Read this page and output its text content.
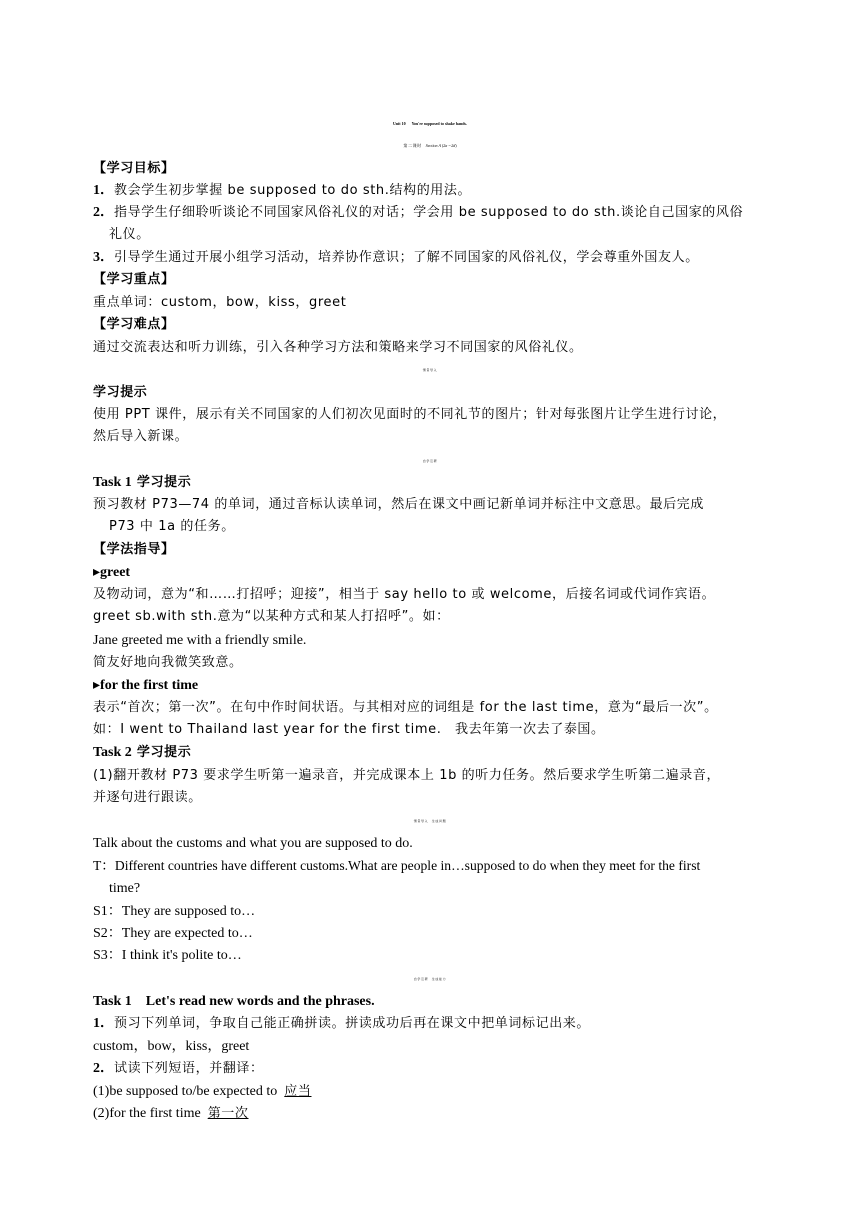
Unit 10 You're supposed to shake hands.
第二课时 Section A (2a～2d)
【学习目标】
1．教会学生初步掌握 be supposed to do sth.结构的用法。
2．指导学生仔细聆听谈论不同国家风俗礼仪的对话；学会用 be supposed to do sth.谈论自己国家的风俗
礼仪。
3．引导学生通过开展小组学习活动，培养协作意识；了解不同国家的风俗礼仪，学会尊重外国友人。
【学习重点】
重点单词：custom，bow，kiss，greet
【学习难点】
通过交流表达和听力训练，引入各种学习方法和策略来学习不同国家的风俗礼仪。
情景导入
学习提示
使用 PPT 课件，展示有关不同国家的人们初次见面时的不同礼节的图片；针对每张图片让学生进行讨论，
然后导入新课。
自学互研
Task 1 学习提示
预习教材 P73—74 的单词，通过音标认读单词，然后在课文中画记新单词并标注中文意思。最后完成
P73 中 1a 的任务。
【学法指导】
▸greet
及物动词，意为“和……打招呼；迎接”，相当于 say hello to 或 welcome，后接名词或代词作宾语。
greet sb.with sth.意为“以某种方式和某人打招呼”。如：
Jane greeted me with a friendly smile.
简友好地向我微笑致意。
▸for the first time
表示“首次；第一次”。在句中作时间状语。与其相对应的词组是 for the last time，意为“最后一次”。
如：I went to Thailand last year for the first time.　我去年第一次去了泰国。
Task 2 学习提示
(1)翻开教材 P73 要求学生听第一遍录音，并完成课本上 1b 的听力任务。然后要求学生听第二遍录音，
并逐句进行跟读。
情景导入　生成问题
Talk about the customs and what you are supposed to do.
T：Different countries have different customs.What are people in…supposed to do when they meet for the first
time?
S1：They are supposed to…
S2：They are expected to…
S3：I think it's polite to…
自学互研　生成能力
Task 1　Let's read new words and the phrases.
1．预习下列单词，争取自己能正确拼读。拼读成功后再在课文中把单词标记出来。
custom，bow，kiss，greet
2．试读下列短语，并翻译：
(1)be supposed to/be expected to 应当
(2)for the first time 第一次
